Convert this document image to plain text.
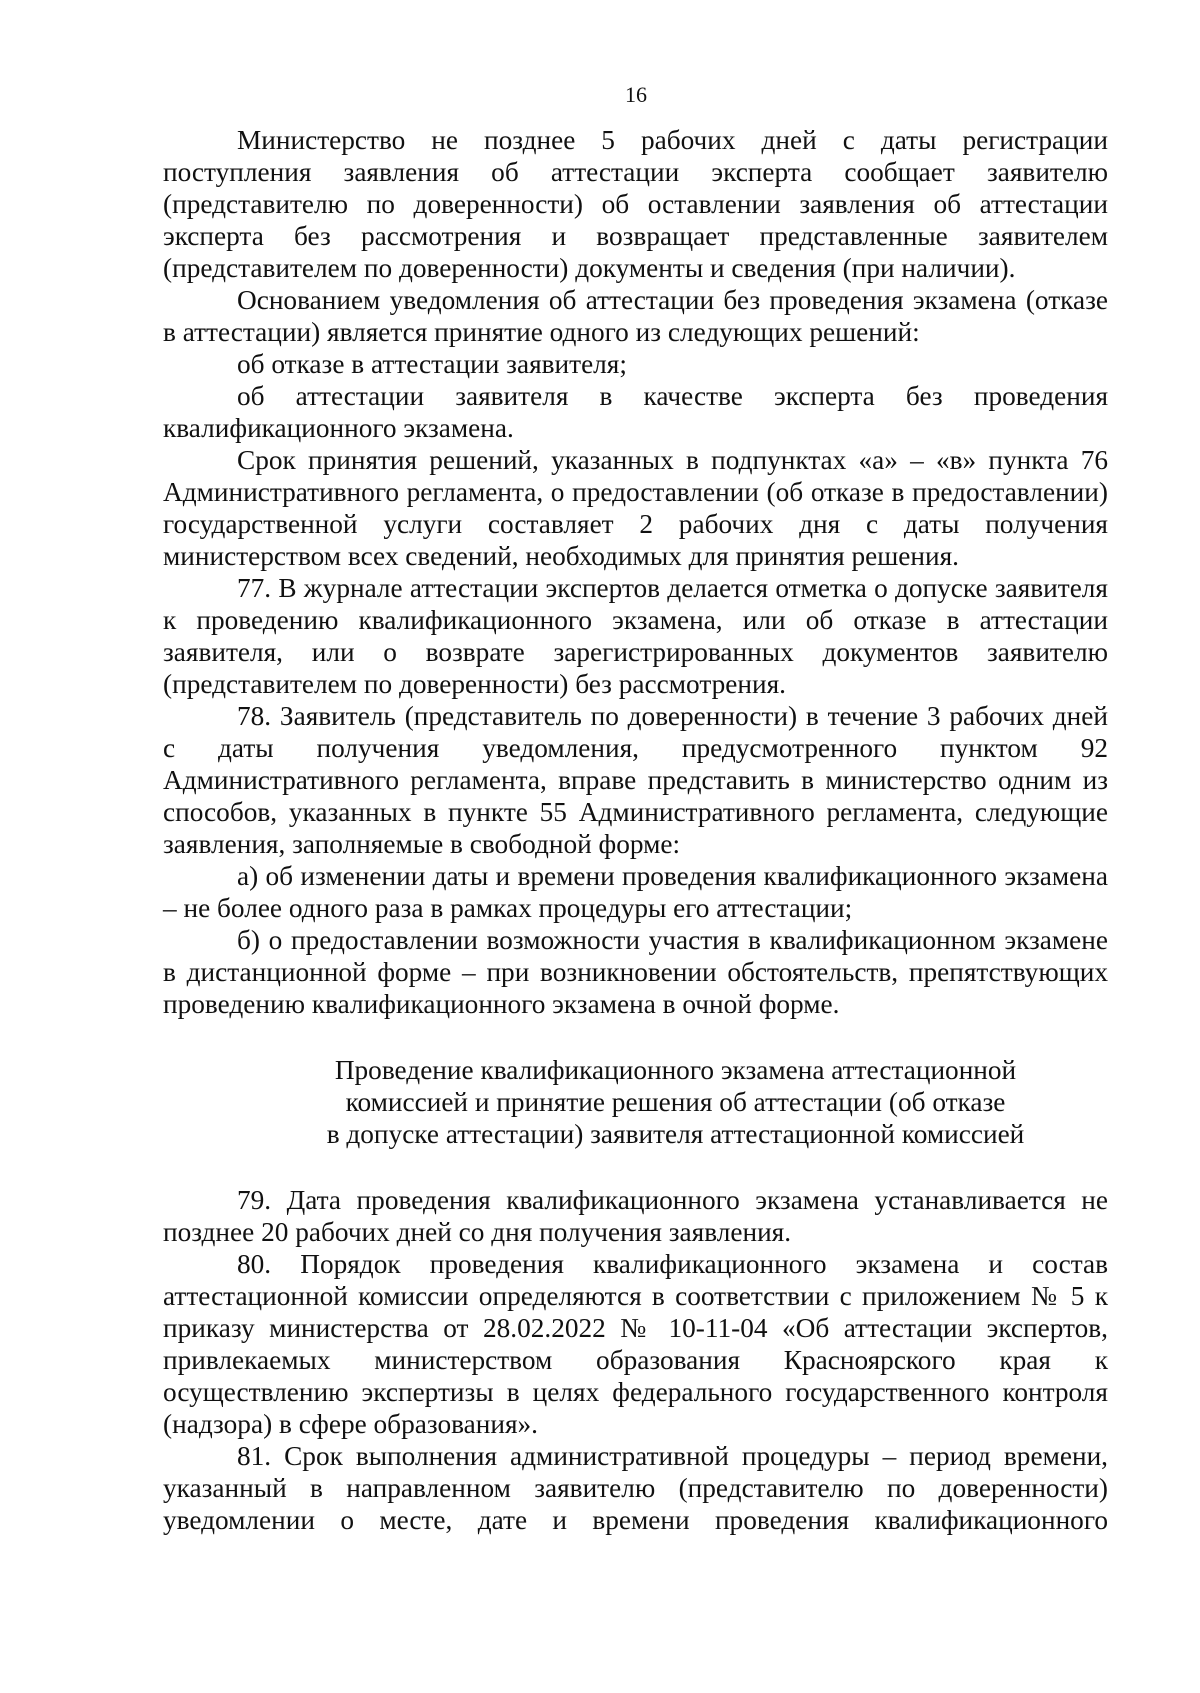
16

Министерство не позднее 5 рабочих дней с даты регистрации поступления заявления об аттестации эксперта сообщает заявителю (представителю по доверенности) об оставлении заявления об аттестации эксперта без рассмотрения и возвращает представленные заявителем (представителем по доверенности) документы и сведения (при наличии).

Основанием уведомления об аттестации без проведения экзамена (отказе в аттестации) является принятие одного из следующих решений:

об отказе в аттестации заявителя;

об аттестации заявителя в качестве эксперта без проведения квалификационного экзамена.

Срок принятия решений, указанных в подпунктах «а» – «в» пункта 76 Административного регламента, о предоставлении (об отказе в предоставлении) государственной услуги составляет 2 рабочих дня с даты получения министерством всех сведений, необходимых для принятия решения.

77. В журнале аттестации экспертов делается отметка о допуске заявителя к проведению квалификационного экзамена, или об отказе в аттестации заявителя, или о возврате зарегистрированных документов заявителю (представителем по доверенности) без рассмотрения.

78. Заявитель (представитель по доверенности) в течение 3 рабочих дней с даты получения уведомления, предусмотренного пунктом 92 Административного регламента, вправе представить в министерство одним из способов, указанных в пункте 55 Административного регламента, следующие заявления, заполняемые в свободной форме:

а) об изменении даты и времени проведения квалификационного экзамена – не более одного раза в рамках процедуры его аттестации;

б) о предоставлении возможности участия в квалификационном экзамене в дистанционной форме – при возникновении обстоятельств, препятствующих проведению квалификационного экзамена в очной форме.

Проведение квалификационного экзамена аттестационной
комиссией и принятие решения об аттестации (об отказе
в допуске аттестации) заявителя аттестационной комиссией

79. Дата проведения квалификационного экзамена устанавливается не позднее 20 рабочих дней со дня получения заявления.

80. Порядок проведения квалификационного экзамена и состав аттестационной комиссии определяются в соответствии с приложением № 5 к приказу министерства от 28.02.2022 № 10-11-04 «Об аттестации экспертов, привлекаемых министерством образования Красноярского края к осуществлению экспертизы в целях федерального государственного контроля (надзора) в сфере образования».

81. Срок выполнения административной процедуры – период времени, указанный в направленном заявителю (представителю по доверенности) уведомлении о месте, дате и времени проведения квалификационного
